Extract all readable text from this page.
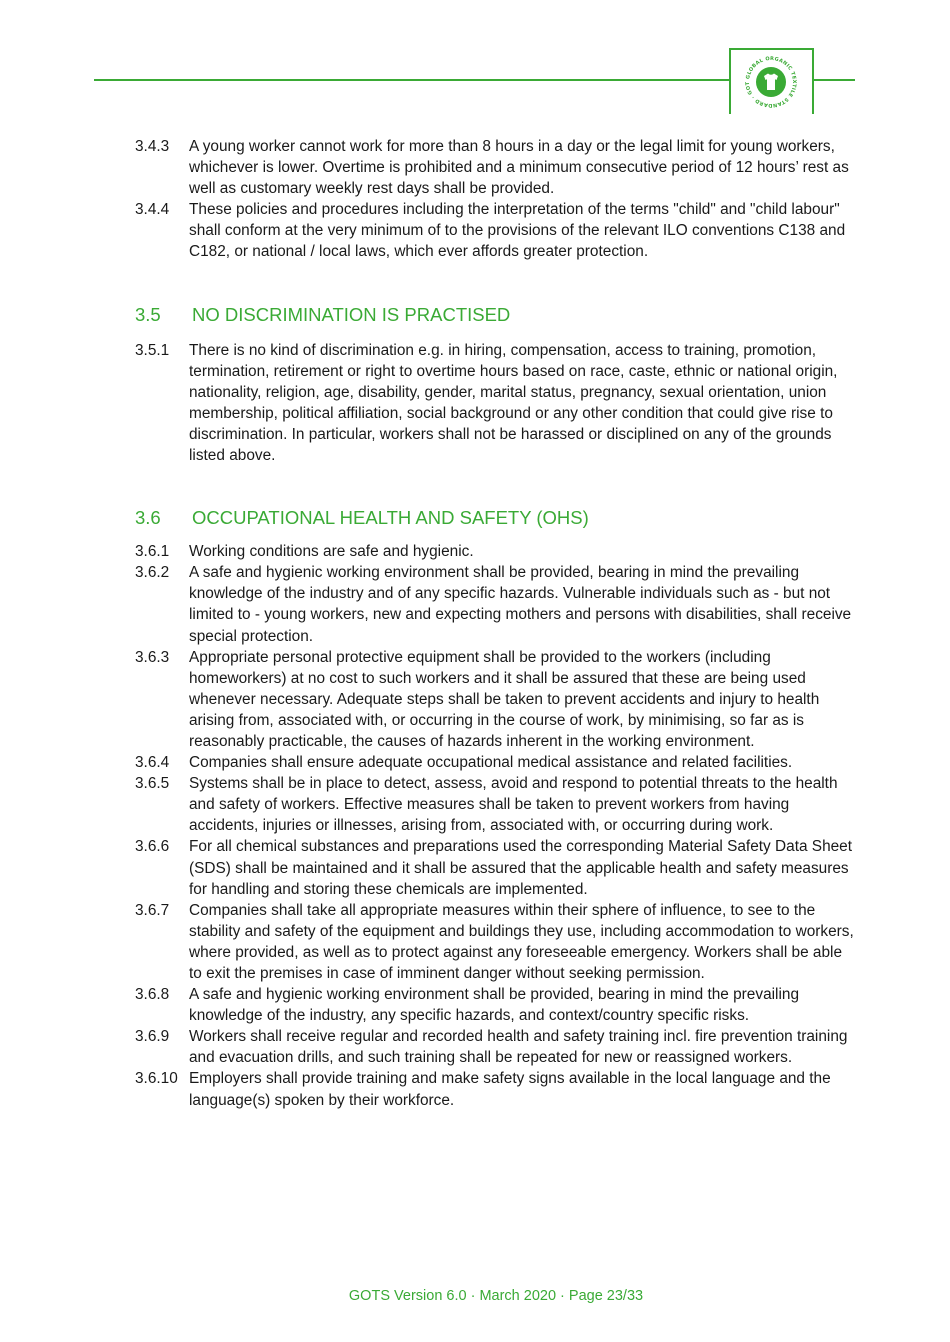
GLOBAL ORGANIC TEXTILE STANDARD · GOT
3.4.3	A young worker cannot work for more than 8 hours in a day or the legal limit for young workers, whichever is lower. Overtime is prohibited and a minimum consecutive period of 12 hours’ rest as well as customary weekly rest days shall be provided.
3.4.4	These policies and procedures including the interpretation of the terms "child" and "child labour" shall conform at the very minimum of to the provisions of the relevant ILO conventions C138 and C182, or national / local laws, which ever affords greater protection.
3.5	NO DISCRIMINATION IS PRACTISED
3.5.1	There is no kind of discrimination e.g. in hiring, compensation, access to training, promotion, termination, retirement or right to overtime hours based on race, caste, ethnic or national origin, nationality, religion, age, disability, gender, marital status, pregnancy, sexual orientation, union membership, political affiliation, social background or any other condition that could give rise to discrimination. In particular, workers shall not be harassed or disciplined on any of the grounds listed above.
3.6	OCCUPATIONAL HEALTH AND SAFETY (OHS)
3.6.1	Working conditions are safe and hygienic.
3.6.2	A safe and hygienic working environment shall be provided, bearing in mind the prevailing knowledge of the industry and of any specific hazards. Vulnerable individuals such as - but not limited to - young workers, new and expecting mothers and persons with disabilities, shall receive special protection.
3.6.3	Appropriate personal protective equipment shall be provided to the workers (including homeworkers) at no cost to such workers and it shall be assured that these are being used whenever necessary. Adequate steps shall be taken to prevent accidents and injury to health arising from, associated with, or occurring in the course of work, by minimising, so far as is reasonably practicable, the causes of hazards inherent in the working environment.
3.6.4	Companies shall ensure adequate occupational medical assistance and related facilities.
3.6.5	Systems shall be in place to detect, assess, avoid and respond to potential threats to the health and safety of workers. Effective measures shall be taken to prevent workers from having accidents, injuries or illnesses, arising from, associated with, or occurring during work.
3.6.6	For all chemical substances and preparations used the corresponding Material Safety Data Sheet (SDS) shall be maintained and it shall be assured that the applicable health and safety measures for handling and storing these chemicals are implemented.
3.6.7	Companies shall take all appropriate measures within their sphere of influence, to see to the stability and safety of the equipment and buildings they use, including accommodation to workers, where provided, as well as to protect against any foreseeable emergency. Workers shall be able to exit the premises in case of imminent danger without seeking permission.
3.6.8	A safe and hygienic working environment shall be provided, bearing in mind the prevailing knowledge of the industry, any specific hazards, and context/country specific risks.
3.6.9	Workers shall receive regular and recorded health and safety training incl. fire prevention training and evacuation drills, and such training shall be repeated for new or reassigned workers.
3.6.10 Employers shall provide training and make safety signs available in the local language and the language(s) spoken by their workforce.
GOTS Version 6.0 · March 2020 · Page 23/33
